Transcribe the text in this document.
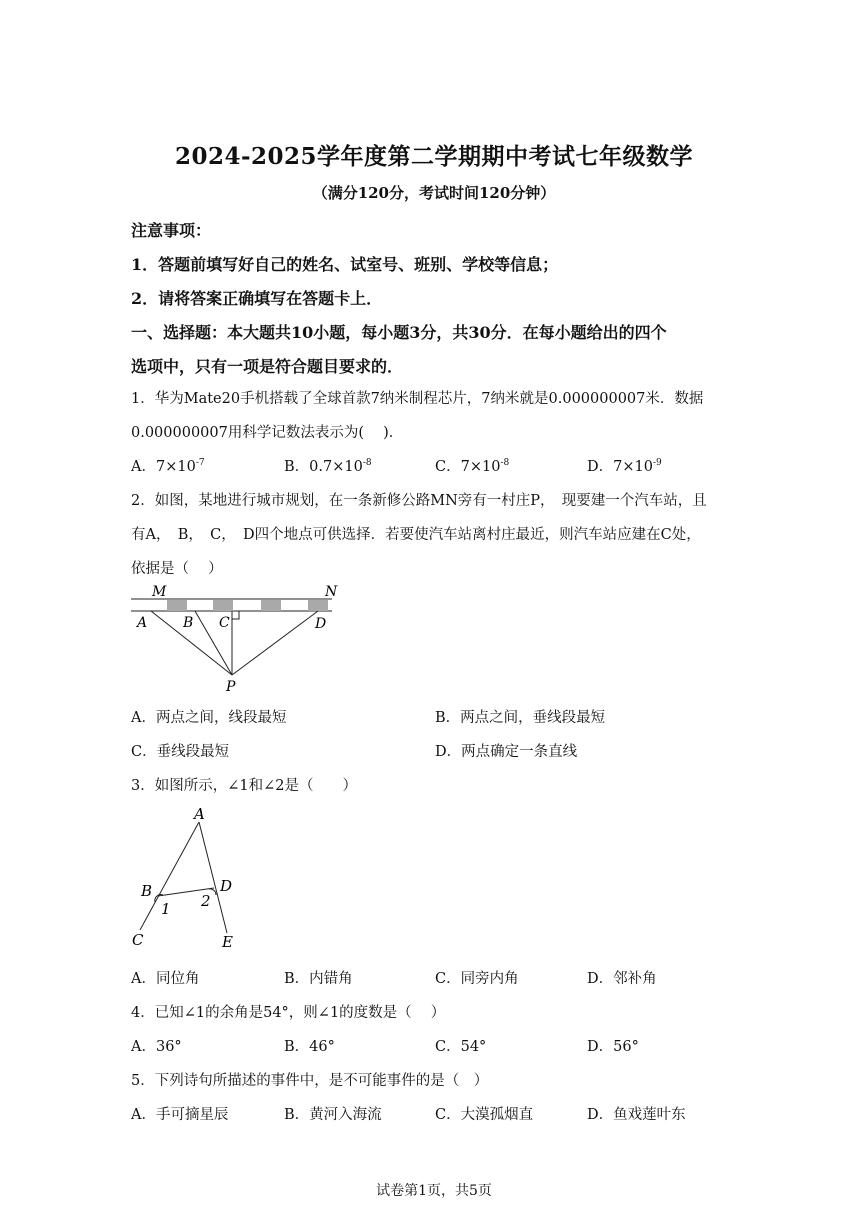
2024-2025学年度第二学期期中考试七年级数学
（满分120分，考试时间120分钟）
注意事项：
1．答题前填写好自己的姓名、试室号、班别、学校等信息；
2．请将答案正确填写在答题卡上．
一、选择题：本大题共10小题，每小题3分，共30分．在每小题给出的四个
选项中，只有一项是符合题目要求的．
1．华为Mate20手机搭载了全球首款7纳米制程芯片，7纳米就是0.000000007米．数据
0.000000007用科学记数法表示为(　 )．
A．$7\times 10^{-7}$	B．$0.7\times 10^{-8}$	C．$7\times 10^{-8}$	D．$7\times 10^{-9}$
2．如图，某地进行城市规划，在一条新修公路MN旁有一村庄P，　现要建一个汽车站，且
有A，　B，　C，　D四个地点可供选择．若要使汽车站离村庄最近，则汽车站应建在C处，
依据是（　 ）
M	N
A	B C	D
P
A．两点之间，线段最短	B．两点之间，垂线段最短
C．垂线段最短	D．两点确定一条直线
3．如图所示，∠1和∠2是（　　）
A
B
C
D
E
1 2
A．同位角	B．内错角	C．同旁内角	D．邻补角
4．已知∠1的余角是54°，则∠1的度数是（　 ）
A．36°	B．46°	C．54°	D．56°
5．下列诗句所描述的事件中，是不可能事件的是（　）
A．手可摘星辰	B．黄河入海流	C．大漠孤烟直	D．鱼戏莲叶东
试卷第1页，共5页
